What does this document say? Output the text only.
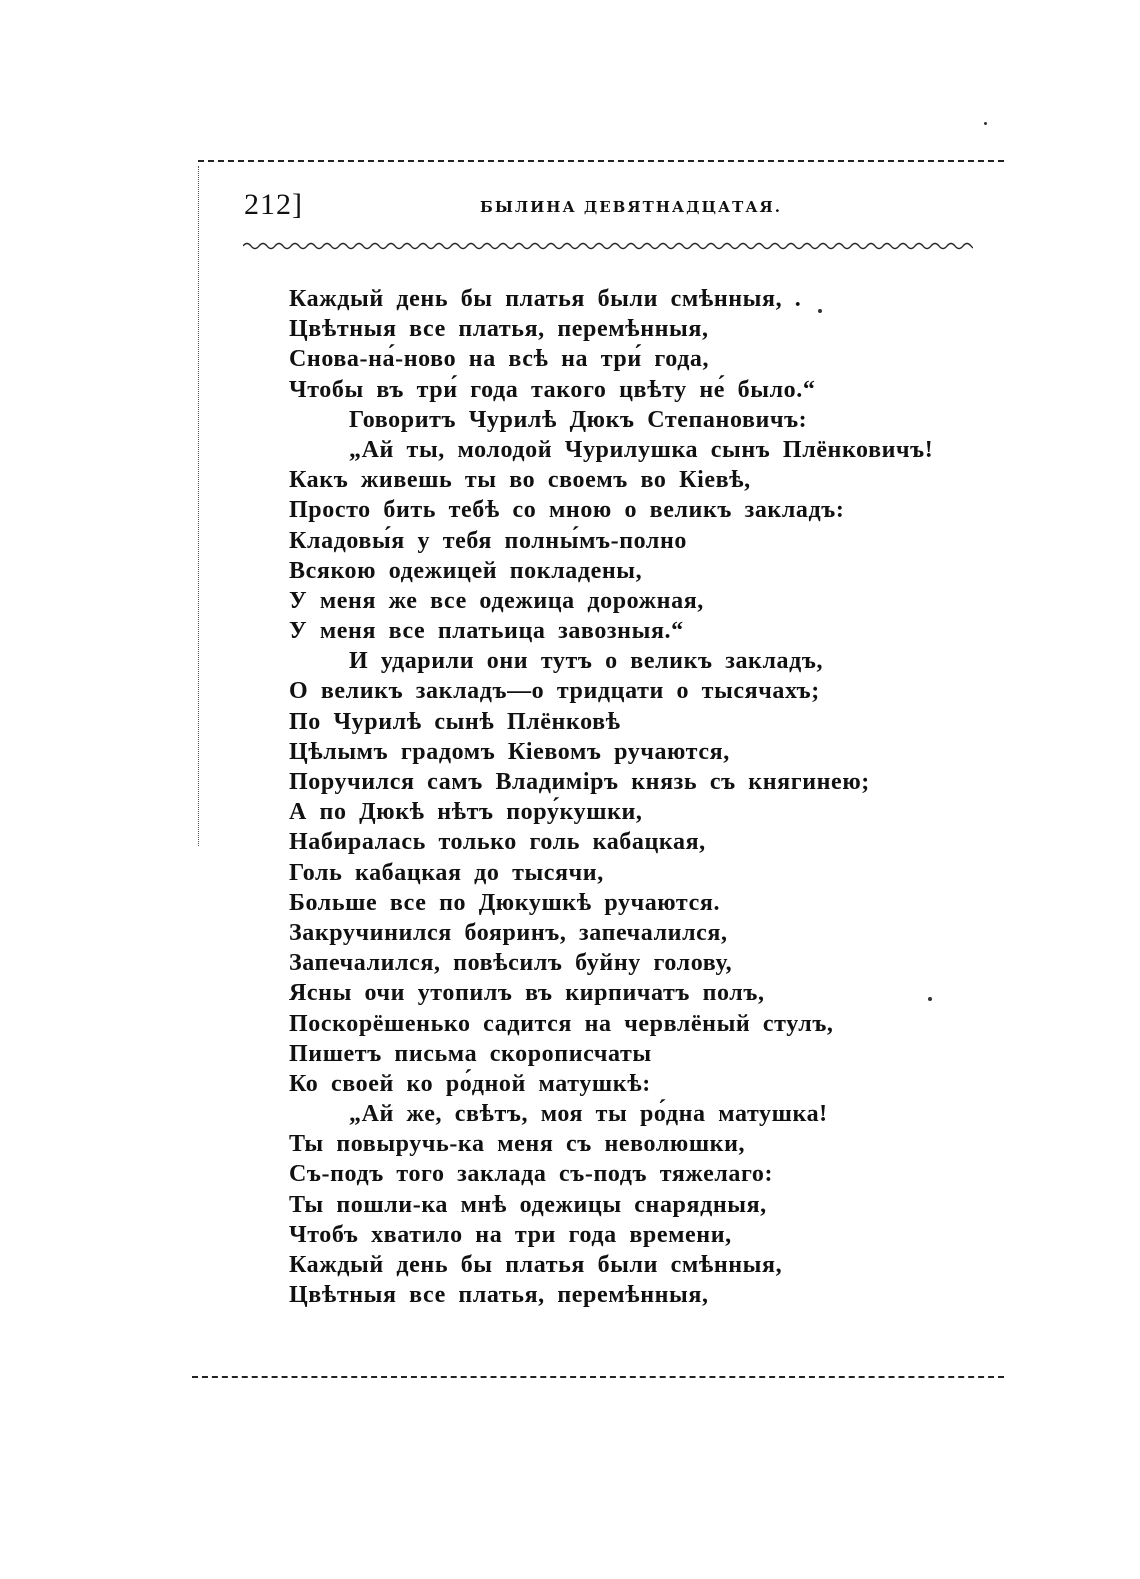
212]	БЫЛИНА ДЕВЯТНАДЦАТАЯ.
Каждый день бы платья были смѣнныя, .
Цвѣтныя все платья, перемѣнныя,
Снова-на́-ново на всѣ на три́ года,
Чтобы въ три́ года такого цвѣту не́ было.“
Говоритъ Чурилѣ Дюкъ Степановичъ:
„Ай ты, молодой Чурилушка сынъ Плёнковичъ!
Какъ живешь ты во своемъ во Кіевѣ,
Просто бить тебѣ со мною о великъ закладъ:
Кладовы́я у тебя полны́мъ-полно
Всякою одежицей покладены,
У меня же все одежица дорожная,
У меня все платьица завозныя.“
И ударили они тутъ о великъ закладъ,
О великъ закладъ—о тридцати о тысячахъ;
По Чурилѣ сынѣ Плёнковѣ
Цѣлымъ градомъ Кіевомъ ручаются,
Поручился самъ Владиміръ князь съ княгинею;
А по Дюкѣ нѣтъ пору́кушки,
Набиралась только голь кабацкая,
Голь кабацкая до тысячи,
Больше все по Дюкушкѣ ручаются.
Закручинился бояринъ, запечалился,
Запечалился, повѣсилъ буйну голову,
Ясны очи утопилъ въ кирпичатъ полъ,
Поскорёшенько садится на червлёный стулъ,
Пишетъ письма скорописчаты
Ко своей ко ро́дной матушкѣ:
„Ай же, свѣтъ, моя ты ро́дна матушка!
Ты повыручь-ка меня съ неволюшки,
Съ-подъ того заклада съ-подъ тяжелаго:
Ты пошли-ка мнѣ одежицы снарядныя,
Чтобъ хватило на три года времени,
Каждый день бы платья были смѣнныя,
Цвѣтныя все платья, перемѣнныя,
